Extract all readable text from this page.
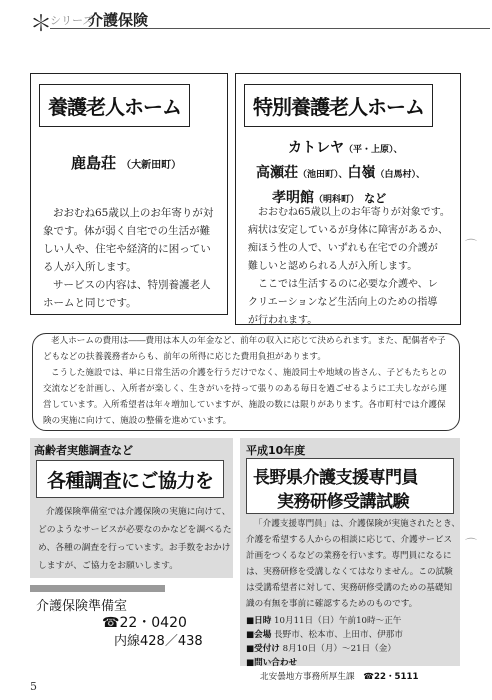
＊
シリーズ
介護保険
養護老人ホーム
鹿島荘 （大新田町）
おおむね65歳以上のお年寄りが対
象です。体が弱く自宅での生活が難
しい人や、住宅や経済的に困ってい
る人が入所します。
サービスの内容は、特別養護老人
ホームと同じです。
特別養護老人ホーム
カトレヤ（平・上原）、
高瀬荘（池田町）、白嶺（白馬村）、
孝明館（明科町） など
おおむね65歳以上のお年寄りが対象です。
病状は安定しているが身体に障害があるか、
痴ほう性の人で、いずれも在宅での介護が
難しいと認められる人が入所します。
ここでは生活するのに必要な介護や、レ
クリエーションなど生活向上のための指導
が行われます。
⌒
⌒
老人ホームの費用は――費用は本人の年金など、前年の収入に応じて決められます。また、配偶者や子
どもなどの扶養義務者からも、前年の所得に応じた費用負担があります。
こうした施設では、単に日常生活の介護を行うだけでなく、施設同士や地域の皆さん、子どもたちとの
交流などを計画し、入所者が楽しく、生きがいを持って張りのある毎日を過ごせるように工夫しながら運
営しています。入所希望者は年々増加していますが、施設の数には限りがあります。各市町村では介護保
険の実施に向けて、施設の整備を進めています。
高齢者実態調査など
各種調査にご協力を
介護保険準備室では介護保険の実施に向けて、
どのようなサービスが必要なのかなどを調べるた
め、各種の調査を行っています。お手数をおかけ
しますが、ご協力をお願いします。
介護保険準備室
☎22・0420
内線428／438
平成10年度
長野県介護支援専門員
実務研修受講試験
「介護支援専門員」は、介護保険が実施されたとき、
介護を希望する人からの相談に応じて、介護サービス
計画をつくるなどの業務を行います。専門員になるに
は、実務研修を受講しなくてはなりません。この試験
は受講希望者に対して、実務研修受講のための基礎知
識の有無を事前に確認するためのものです。
■日時 10月11日（日）午前10時～正午
■会場 長野市、松本市、上田市、伊那市
■受付け 8月10日（月）～21日（金）
■問い合わせ
北安曇地方事務所厚生課 ☎22・5111
5
